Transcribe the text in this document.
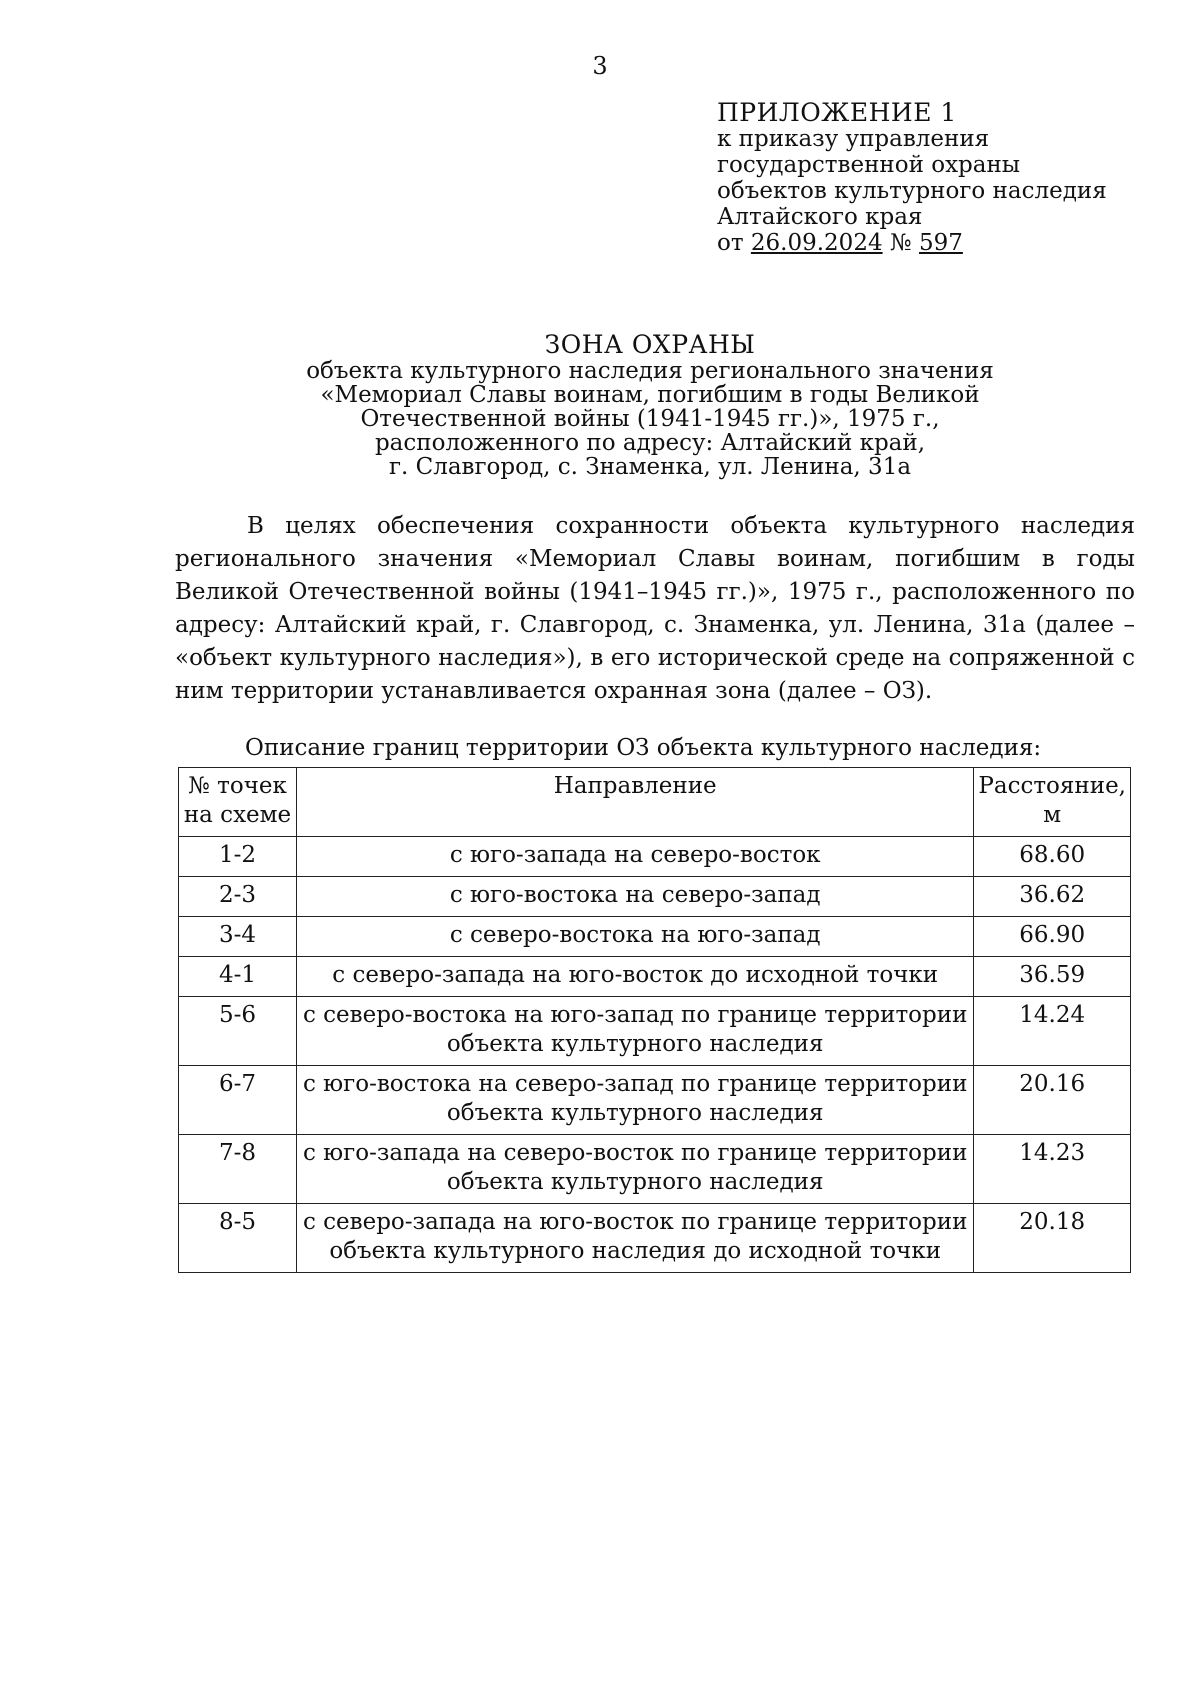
3
ПРИЛОЖЕНИЕ 1
к приказу управления
государственной охраны
объектов культурного наследия
Алтайского края
от 26.09.2024 № 597
ЗОНА ОХРАНЫ
объекта культурного наследия регионального значения
«Мемориал Славы воинам, погибшим в годы Великой
Отечественной войны (1941-1945 гг.)», 1975 г.,
расположенного по адресу: Алтайский край,
г. Славгород, с. Знаменка, ул. Ленина, 31а

В целях обеспечения сохранности объекта культурного наследия регионального значения «Мемориал Славы воинам, погибшим в годы Великой Отечественной войны (1941–1945 гг.)», 1975 г., расположенного по адресу: Алтайский край, г. Славгород, с. Знаменка, ул. Ленина, 31а (далее – «объект культурного наследия»), в его исторической среде на сопряженной с ним территории устанавливается охранная зона (далее – ОЗ).

Описание границ территории ОЗ объекта культурного наследия:
№ точек на схеме	Направление	Расстояние, м
1-2	с юго-запада на северо-восток	68.60
2-3	с юго-востока на северо-запад	36.62
3-4	с северо-востока на юго-запад	66.90
4-1	с северо-запада на юго-восток до исходной точки	36.59
5-6	с северо-востока на юго-запад по границе территории объекта культурного наследия	14.24
6-7	с юго-востока на северо-запад по границе территории объекта культурного наследия	20.16
7-8	с юго-запада на северо-восток по границе территории объекта культурного наследия	14.23
8-5	с северо-запада на юго-восток по границе территории объекта культурного наследия до исходной точки	20.18
